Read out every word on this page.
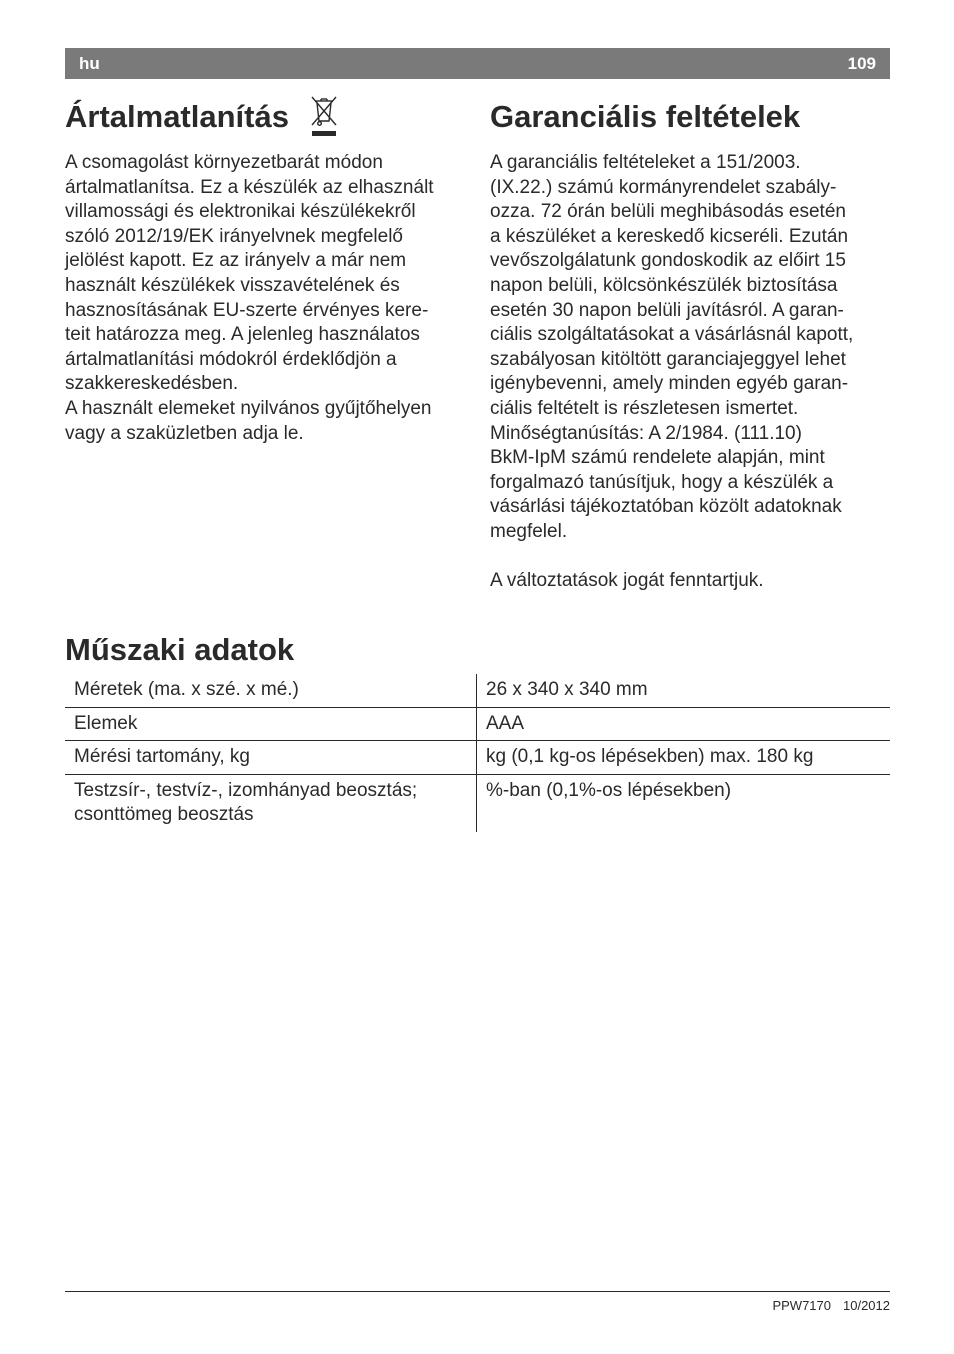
hu	109
Ártalmatlanítás

A csomagolást környezetbarát módon

ártalmatlanítsa. Ez a készülék az elhasznált

villamossági és elektronikai készülékekről

szóló 2012/19/EK irányelvnek megfelelő

jelölést kapott. Ez az irányelv a már nem

használt készülékek visszavételének és

hasznosításának EU-szerte érvényes kere-

teit határozza meg. A jelenleg használatos

ártalmatlanítási módokról érdeklődjön a

szakkereskedésben.

A használt elemeket nyilvános gyűjtőhelyen

vagy a szaküzletben adja le.

Garanciális feltételek

A garanciális feltételeket a 151/2003.

(IX.22.) számú kormányrendelet szabály-

ozza. 72 órán belüli meghibásodás esetén

a készüléket a kereskedő kicseréli. Ezután

vevőszolgálatunk gondoskodik az előirt 15

napon belüli, kölcsönkészülék biztosítása

esetén 30 napon belüli javításról. A garan-

ciális szolgáltatásokat a vásárlásnál kapott,

szabályosan kitöltött garanciajeggyel lehet

igénybevenni, amely minden egyéb garan-

ciális feltételt is részletesen ismertet.

Minőségtanúsítás: A 2/1984. (111.10)

BkM-IpM számú rendelete alapján, mint

forgalmazó tanúsítjuk, hogy a készülék a

vásárlási tájékoztatóban közölt adatoknak

megfelel.

A változtatások jogát fenntartjuk.

Műszaki adatok
Méretek (ma. x szé. x mé.)	26 x 340 x 340 mm

Elemek	AAA

Mérési tartomány, kg	kg (0,1 kg-os lépésekben) max. 180 kg

Testzsír-, testvíz-, izomhányad beosztás;
csonttömeg beosztás	%-ban (0,1%-os lépésekben)
PPW7170 10/2012
